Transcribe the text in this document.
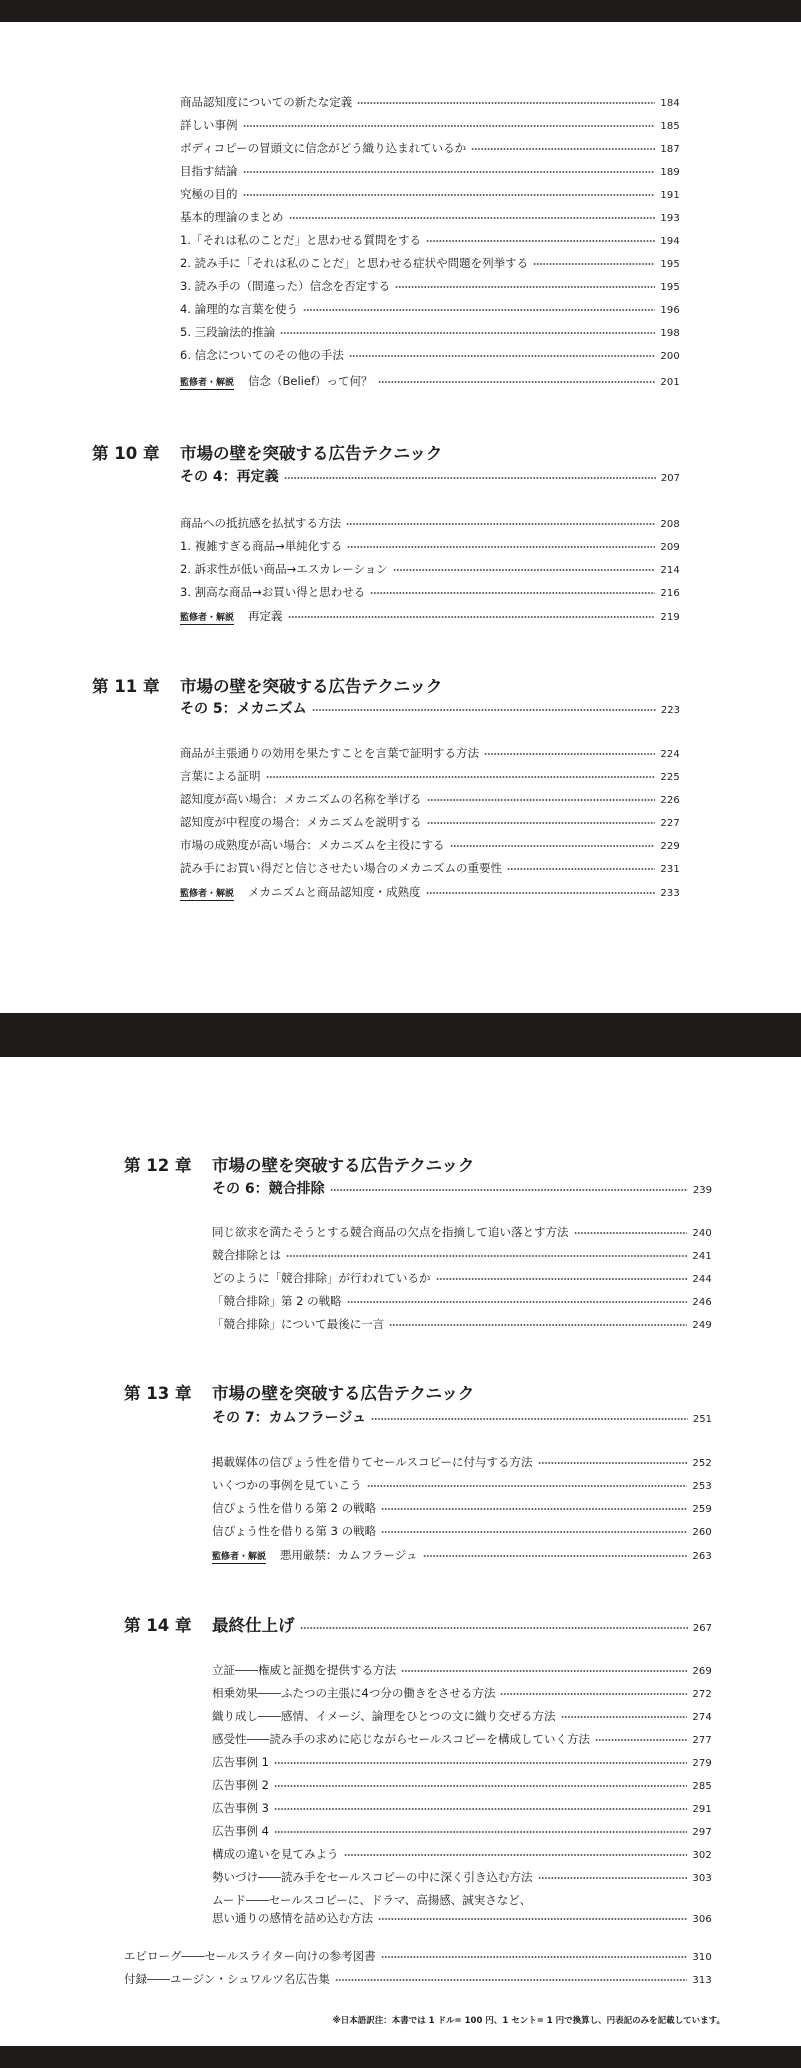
商品認知度についての新たな定義	184
詳しい事例	185
ボディコピーの冒頭文に信念がどう織り込まれているか	187
目指す結論	189
究極の目的	191
基本的理論のまとめ	193
1.「それは私のことだ」と思わせる質問をする	194
2. 読み手に「それは私のことだ」と思わせる症状や問題を列挙する	195
3. 読み手の（間違った）信念を否定する	195
4. 論理的な言葉を使う	196
5. 三段論法的推論	198
6. 信念についてのその他の手法	200
監修者・解説 信念（Belief）って何？	201
第 10 章 市場の壁を突破する広告テクニック
その 4：再定義	207
商品への抵抗感を払拭する方法	208
1. 複雑すぎる商品→単純化する	209
2. 訴求性が低い商品→エスカレーション	214
3. 割高な商品→お買い得と思わせる	216
監修者・解説 再定義	219
第 11 章 市場の壁を突破する広告テクニック
その 5：メカニズム	223
商品が主張通りの効用を果たすことを言葉で証明する方法	224
言葉による証明	225
認知度が高い場合：メカニズムの名称を挙げる	226
認知度が中程度の場合：メカニズムを説明する	227
市場の成熟度が高い場合：メカニズムを主役にする	229
読み手にお買い得だと信じさせたい場合のメカニズムの重要性	231
監修者・解説 メカニズムと商品認知度・成熟度	233
第 12 章 市場の壁を突破する広告テクニック
その 6：競合排除	239
同じ欲求を満たそうとする競合商品の欠点を指摘して追い落とす方法	240
競合排除とは	241
どのように「競合排除」が行われているか	244
「競合排除」第 2 の戦略	246
「競合排除」について最後に一言	249
第 13 章 市場の壁を突破する広告テクニック
その 7：カムフラージュ	251
掲載媒体の信ぴょう性を借りてセールスコピーに付与する方法	252
いくつかの事例を見ていこう	253
信ぴょう性を借りる第 2 の戦略	259
信ぴょう性を借りる第 3 の戦略	260
監修者・解説 悪用厳禁：カムフラージュ	263
第 14 章 最終仕上げ	267
立証――権威と証拠を提供する方法	269
相乗効果――ふたつの主張に4つ分の働きをさせる方法	272
織り成し――感情、イメージ、論理をひとつの文に織り交ぜる方法	274
感受性――読み手の求めに応じながらセールスコピーを構成していく方法	277
広告事例 1	279
広告事例 2	285
広告事例 3	291
広告事例 4	297
構成の違いを見てみよう	302
勢いづけ――読み手をセールスコピーの中に深く引き込む方法	303
ムード――セールスコピーに、ドラマ、高揚感、誠実さなど、
思い通りの感情を詰め込む方法	306
エピローグ――セールスライター向けの参考図書	310
付録――ユージン・シュワルツ名広告集	313
※日本語訳注：本書では 1 ドル= 100 円、1 セント= 1 円で換算し、円表記のみを記載しています。
